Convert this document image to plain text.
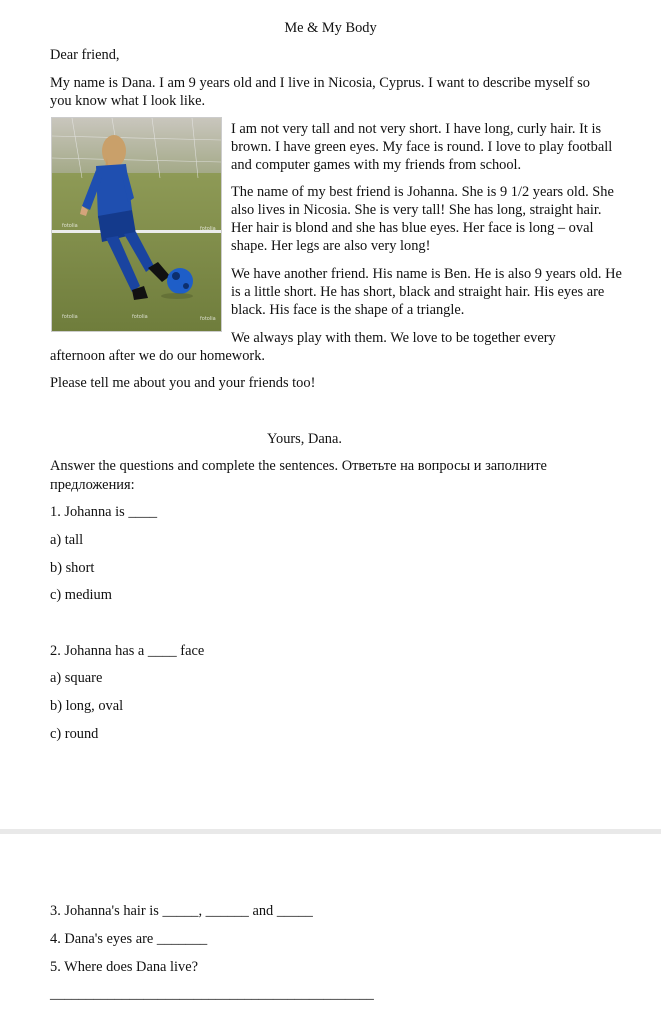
Me & My Body
Dear friend,
My name is Dana. I am 9 years old and I live in Nicosia, Cyprus. I want to describe myself so you know what I look like.
fotolia	fotolia
fotolia	fotolia	fotolia
I am not very tall and not very short. I have long, curly hair. It is brown. I have green eyes. My face is round. I love to play football and computer games with my friends from school.
The name of my best friend is Johanna. She is 9 1/2 years old. She also lives in Nicosia. She is very tall! She has long, straight hair. Her hair is blond and she has blue eyes. Her face is long – oval shape. Her legs are also very long!
We have another friend. His name is Ben. He is also 9 years old. He is a little short. He has short, black and straight hair. His eyes are black. His face is the shape of a triangle.
We always play with them. We love to be together every
afternoon after we do our homework.
Please tell me about you and your friends too!
Yours, Dana.
Answer the questions and complete the sentences. Ответьте на вопросы и заполните
предложения:
1. Johanna is ____
a) tall
b) short
c) medium
2. Johanna has a ____ face
a) square
b) long, oval
c) round
3. Johanna's hair is _____, ______ and _____
4. Dana's eyes are _______
5. Where does Dana live?
_____________________________________________
